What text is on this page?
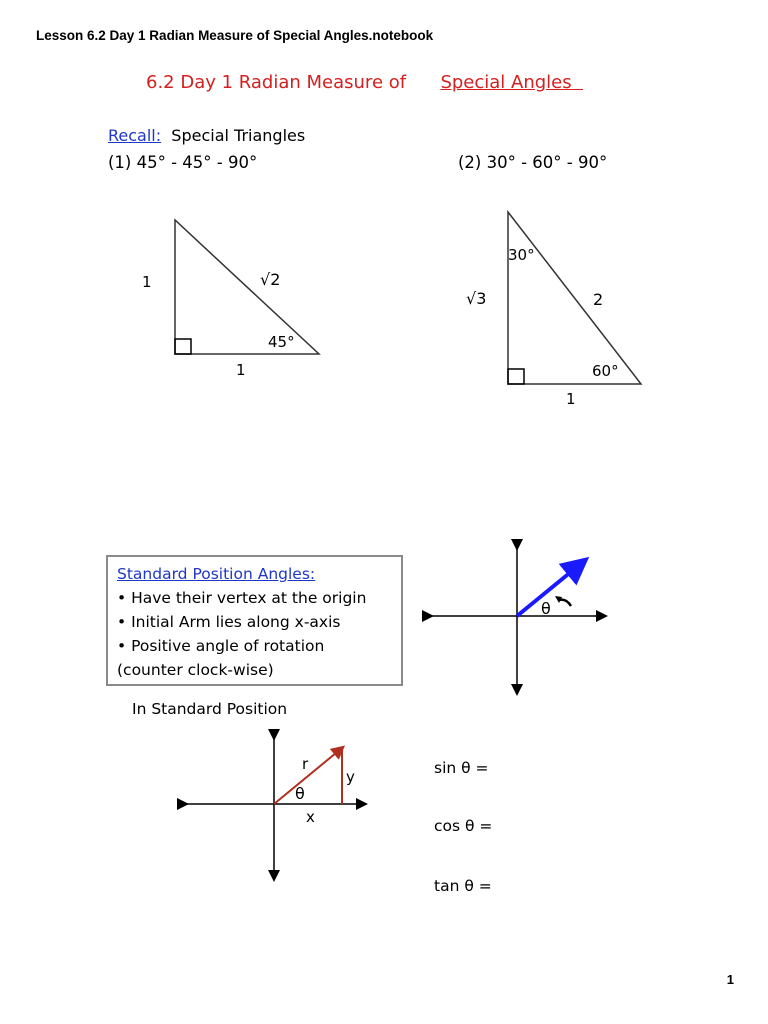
Lesson 6.2 Day 1 Radian Measure of Special Angles.notebook
6.2 Day 1 Radian Measure of Special Angles
Recall: Special Triangles
(1) 45° - 45° - 90°	(2) 30° - 60° - 90°
1
1
√2
45°
√3
1
2
30°
60°
Standard Position Angles:
• Have their vertex at the origin
• Initial Arm lies along x-axis
• Positive angle of rotation
(counter clock-wise)
θ
In Standard Position
r
y
θ
x
sin θ =
cos θ =
tan θ =
1
